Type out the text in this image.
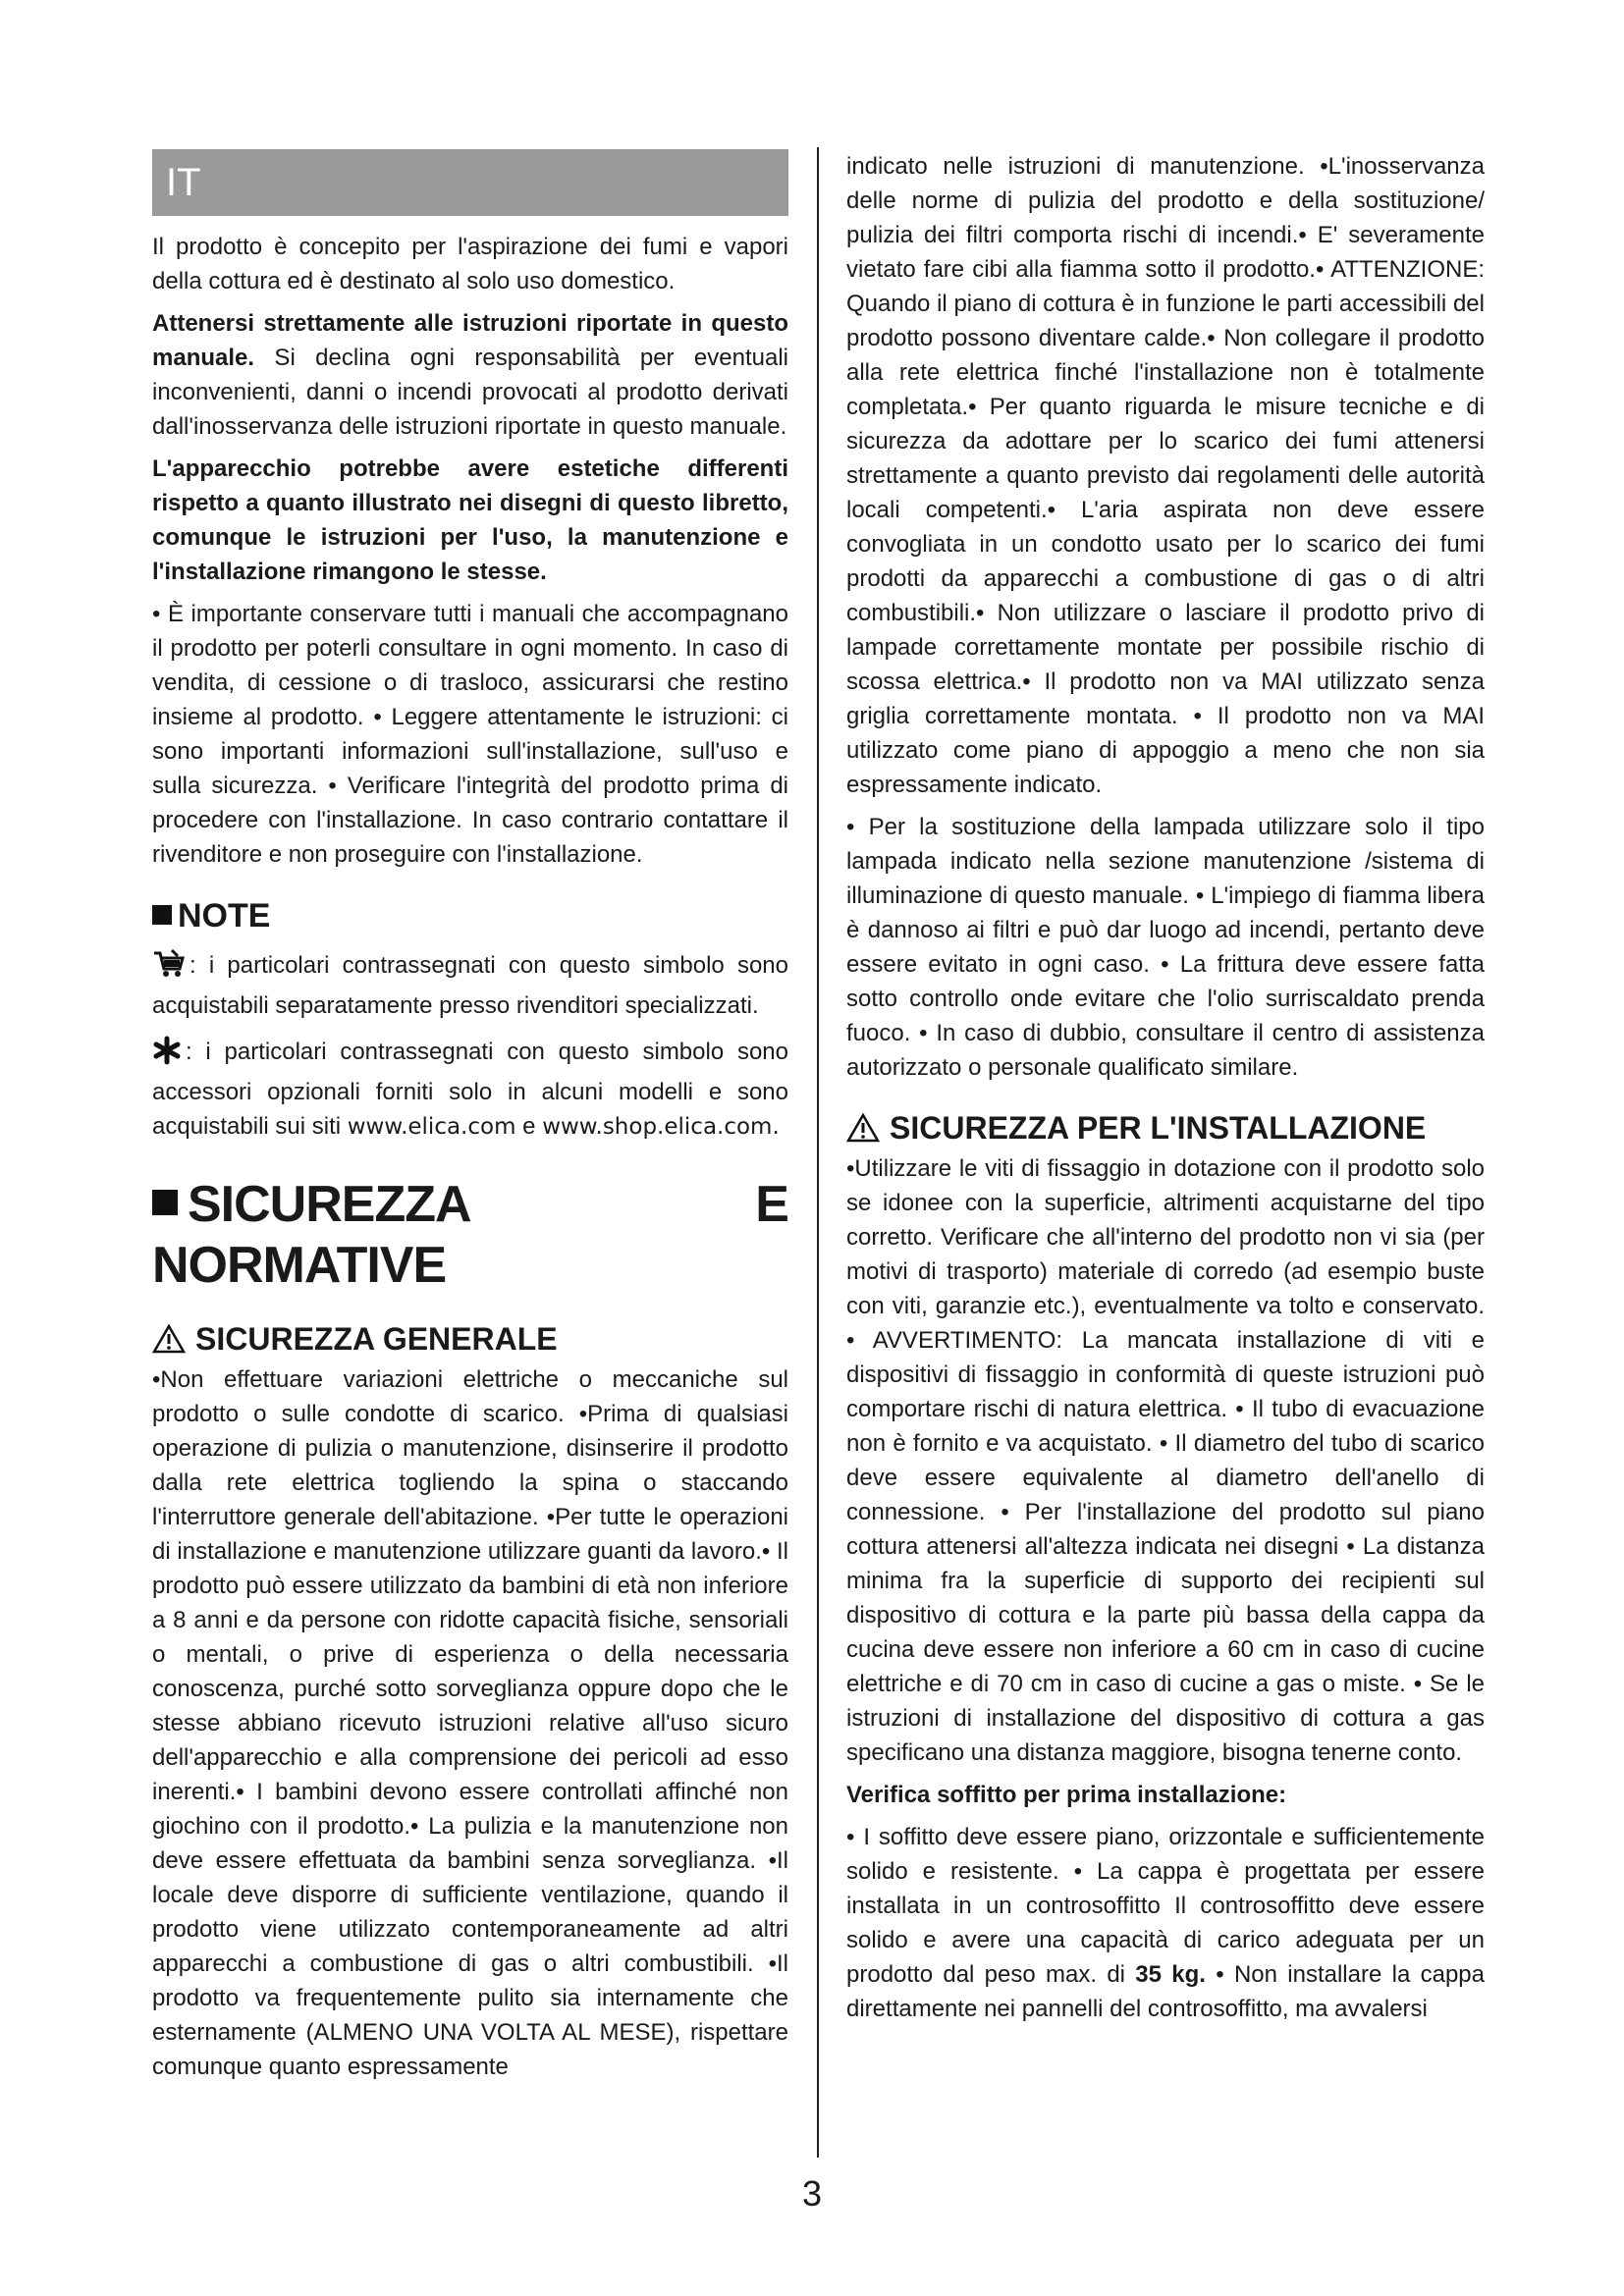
IT

Il prodotto è concepito per l'aspirazione dei fumi e vapori della cottura ed è destinato al solo uso domestico.

Attenersi strettamente alle istruzioni riportate in questo manuale. Si declina ogni responsabilità per eventuali inconvenienti, danni o incendi provocati al prodotto derivati dall'inosservanza delle istruzioni riportate in questo manuale.

L'apparecchio potrebbe avere estetiche differenti rispetto a quanto illustrato nei disegni di questo libretto, comunque le istruzioni per l'uso, la manutenzione e l'installazione rimangono le stesse.

• È importante conservare tutti i manuali che accompagnano il prodotto per poterli consultare in ogni momento. In caso di vendita, di cessione o di trasloco, assicurarsi che restino insieme al prodotto. • Leggere attentamente le istruzioni: ci sono importanti informazioni sull'installazione, sull'uso e sulla sicurezza. • Verificare l'integrità del prodotto prima di procedere con l'installazione. In caso contrario contattare il rivenditore e non proseguire con l'installazione.

NOTE

: i particolari contrassegnati con questo simbolo sono acquistabili separatamente presso rivenditori specializzati.

: i particolari contrassegnati con questo simbolo sono accessori opzionali forniti solo in alcuni modelli e sono acquistabili sui siti www.elica.com e www.shop.elica.com.

SICUREZZA E NORMATIVE
SICUREZZA GENERALE

•Non effettuare variazioni elettriche o meccaniche sul prodotto o sulle condotte di scarico. •Prima di qualsiasi operazione di pulizia o manutenzione, disinserire il prodotto dalla rete elettrica togliendo la spina o staccando l'interruttore generale dell'abitazione. •Per tutte le operazioni di installazione e manutenzione utilizzare guanti da lavoro.• Il prodotto può essere utilizzato da bambini di età non inferiore a 8 anni e da persone con ridotte capacità fisiche, sensoriali o mentali, o prive di esperienza o della necessaria conoscenza, purché sotto sorveglianza oppure dopo che le stesse abbiano ricevuto istruzioni relative all'uso sicuro dell'apparecchio e alla comprensione dei pericoli ad esso inerenti.• I bambini devono essere controllati affinché non giochino con il prodotto.• La pulizia e la manutenzione non deve essere effettuata da bambini senza sorveglianza. •Il locale deve disporre di sufficiente ventilazione, quando il prodotto viene utilizzato contemporaneamente ad altri apparecchi a combustione di gas o altri combustibili. •Il prodotto va frequentemente pulito sia internamente che esternamente (ALMENO UNA VOLTA AL MESE), rispettare comunque quanto espressamente

indicato nelle istruzioni di manutenzione. •L'inosservanza delle norme di pulizia del prodotto e della sostituzione/ pulizia dei filtri comporta rischi di incendi.• E' severamente vietato fare cibi alla fiamma sotto il prodotto.• ATTENZIONE: Quando il piano di cottura è in funzione le parti accessibili del prodotto possono diventare calde.• Non collegare il prodotto alla rete elettrica finché l'installazione non è totalmente completata.• Per quanto riguarda le misure tecniche e di sicurezza da adottare per lo scarico dei fumi attenersi strettamente a quanto previsto dai regolamenti delle autorità locali competenti.• L'aria aspirata non deve essere convogliata in un condotto usato per lo scarico dei fumi prodotti da apparecchi a combustione di gas o di altri combustibili.• Non utilizzare o lasciare il prodotto privo di lampade correttamente montate per possibile rischio di scossa elettrica.• Il prodotto non va MAI utilizzato senza griglia correttamente montata. • Il prodotto non va MAI utilizzato come piano di appoggio a meno che non sia espressamente indicato.

• Per la sostituzione della lampada utilizzare solo il tipo lampada indicato nella sezione manutenzione /sistema di illuminazione di questo manuale. • L'impiego di fiamma libera è dannoso ai filtri e può dar luogo ad incendi, pertanto deve essere evitato in ogni caso. • La frittura deve essere fatta sotto controllo onde evitare che l'olio surriscaldato prenda fuoco. • In caso di dubbio, consultare il centro di assistenza autorizzato o personale qualificato similare.

SICUREZZA PER L'INSTALLAZIONE

•Utilizzare le viti di fissaggio in dotazione con il prodotto solo se idonee con la superficie, altrimenti acquistarne del tipo corretto. Verificare che all'interno del prodotto non vi sia (per motivi di trasporto) materiale di corredo (ad esempio buste con viti, garanzie etc.), eventualmente va tolto e conservato. • AVVERTIMENTO: La mancata installazione di viti e dispositivi di fissaggio in conformità di queste istruzioni può comportare rischi di natura elettrica. • Il tubo di evacuazione non è fornito e va acquistato. • Il diametro del tubo di scarico deve essere equivalente al diametro dell'anello di connessione. • Per l'installazione del prodotto sul piano cottura attenersi all'altezza indicata nei disegni • La distanza minima fra la superficie di supporto dei recipienti sul dispositivo di cottura e la parte più bassa della cappa da cucina deve essere non inferiore a 60 cm in caso di cucine elettriche e di 70 cm in caso di cucine a gas o miste. • Se le istruzioni di installazione del dispositivo di cottura a gas specificano una distanza maggiore, bisogna tenerne conto.

Verifica soffitto per prima installazione:

• I soffitto deve essere piano, orizzontale e sufficientemente solido e resistente. • La cappa è progettata per essere installata in un controsoffitto Il controsoffitto deve essere solido e avere una capacità di carico adeguata per un prodotto dal peso max. di 35 kg. • Non installare la cappa direttamente nei pannelli del controsoffitto, ma avvalersi

3
